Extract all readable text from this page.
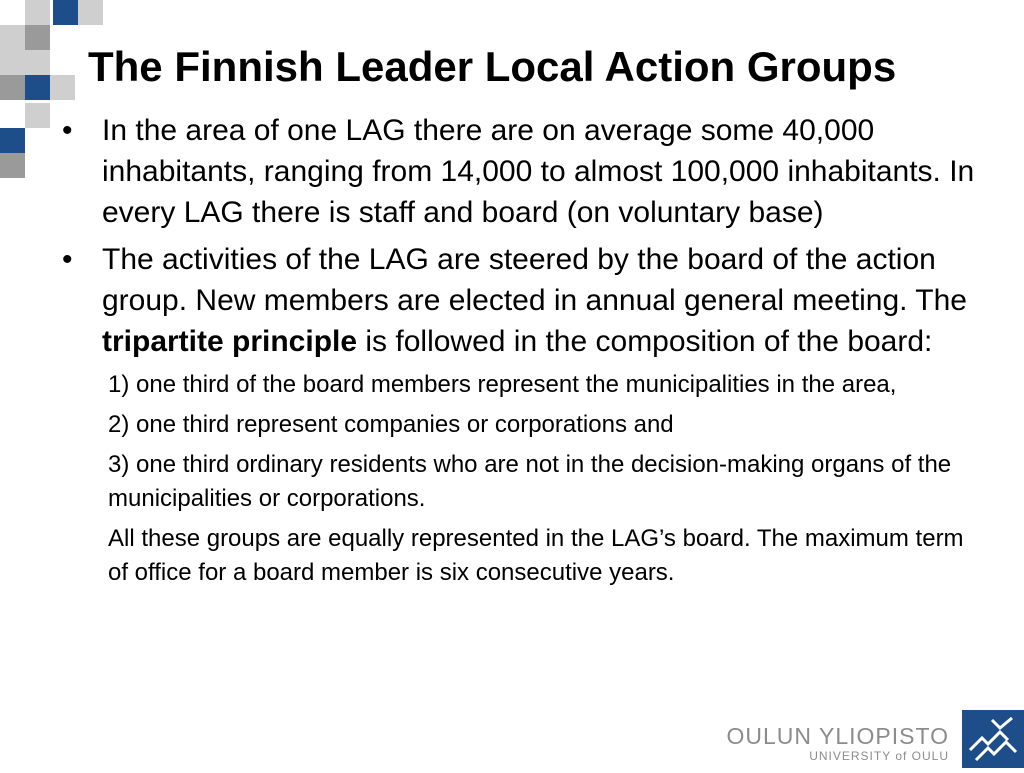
The Finnish Leader Local Action Groups
• In the area of one LAG there are on average some 40,000 inhabitants, ranging from 14,000 to almost 100,000 inhabitants. In every LAG there is staff and board (on voluntary base)
• The activities of the LAG are steered by the board of the action group. New members are elected in annual general meeting. The tripartite principle is followed in the composition of the board:
1) one third of the board members represent the municipalities in the area,
2) one third represent companies or corporations and
3) one third ordinary residents who are not in the decision-making organs of the municipalities or corporations.
All these groups are equally represented in the LAG’s board. The maximum term of office for a board member is six consecutive years.
OULUN YLIOPISTO
UNIVERSITY of OULU
